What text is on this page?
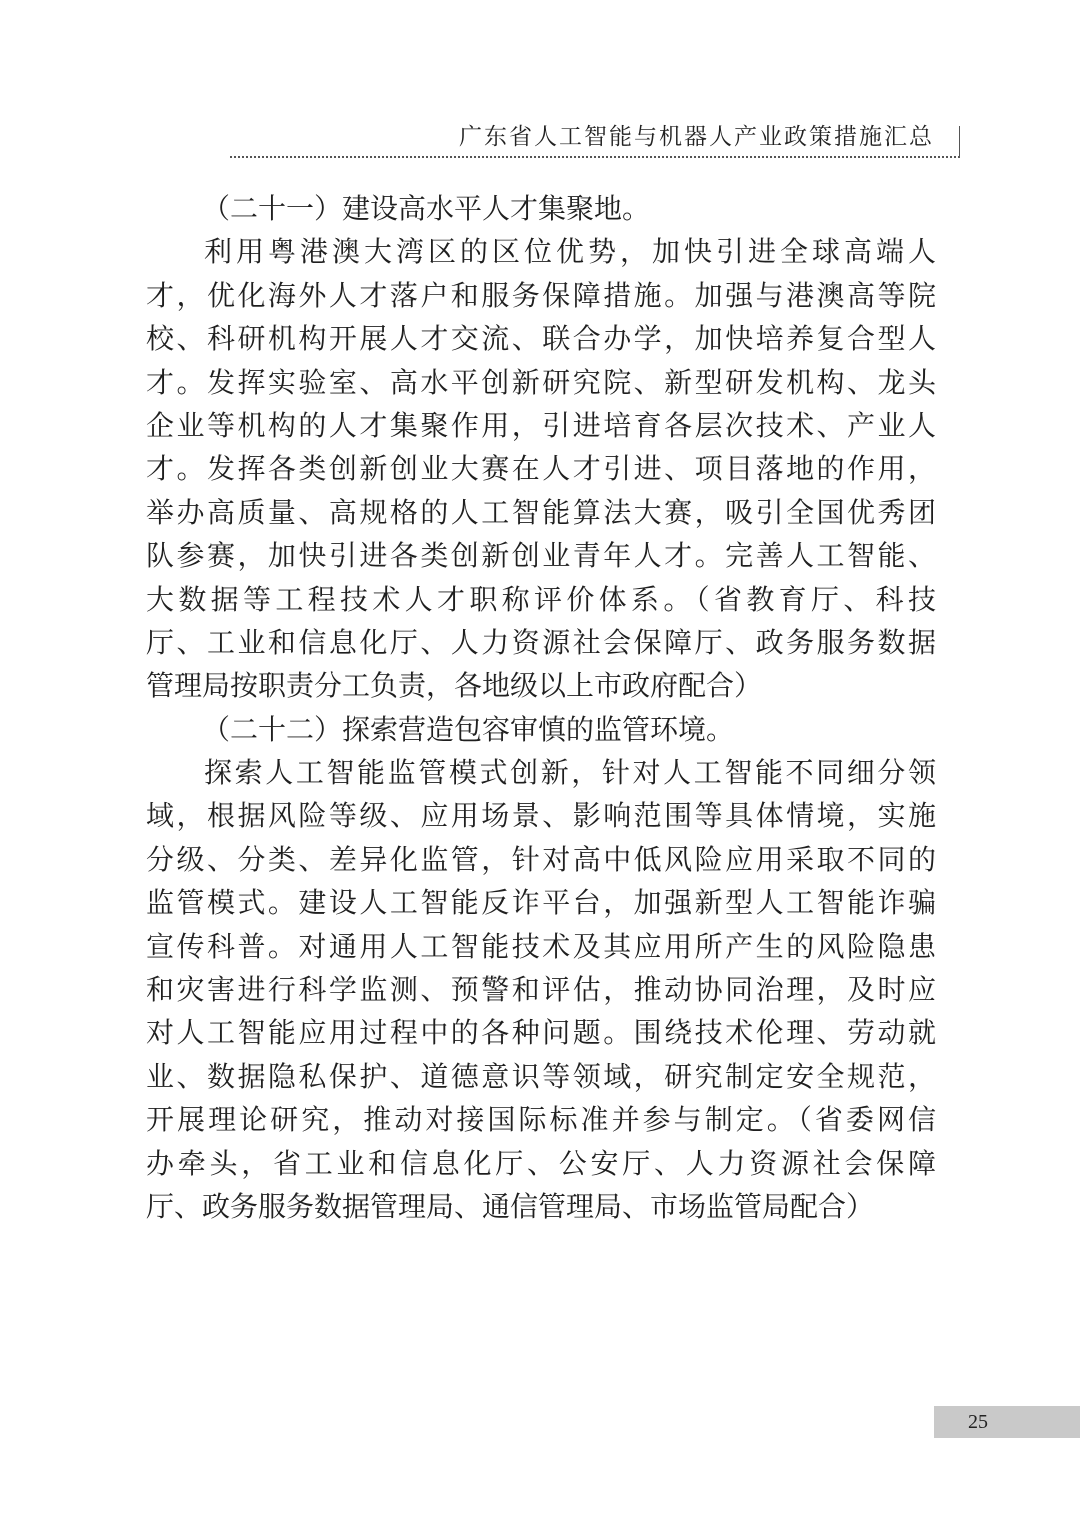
广东省人工智能与机器人产业政策措施汇总
（二十一）建设高水平人才集聚地。
利用粤港澳大湾区的区位优势，加快引进全球高端人
才，优化海外人才落户和服务保障措施。加强与港澳高等院
校、科研机构开展人才交流、联合办学，加快培养复合型人
才。发挥实验室、高水平创新研究院、新型研发机构、龙头
企业等机构的人才集聚作用，引进培育各层次技术、产业人
才。发挥各类创新创业大赛在人才引进、项目落地的作用，
举办高质量、高规格的人工智能算法大赛，吸引全国优秀团
队参赛，加快引进各类创新创业青年人才。完善人工智能、
大数据等工程技术人才职称评价体系。（省教育厅、科技
厅、工业和信息化厅、人力资源社会保障厅、政务服务数据
管理局按职责分工负责，各地级以上市政府配合）
（二十二）探索营造包容审慎的监管环境。
探索人工智能监管模式创新，针对人工智能不同细分领
域，根据风险等级、应用场景、影响范围等具体情境，实施
分级、分类、差异化监管，针对高中低风险应用采取不同的
监管模式。建设人工智能反诈平台，加强新型人工智能诈骗
宣传科普。对通用人工智能技术及其应用所产生的风险隐患
和灾害进行科学监测、预警和评估，推动协同治理，及时应
对人工智能应用过程中的各种问题。围绕技术伦理、劳动就
业、数据隐私保护、道德意识等领域，研究制定安全规范，
开展理论研究，推动对接国际标准并参与制定。（省委网信
办牵头，省工业和信息化厅、公安厅、人力资源社会保障
厅、政务服务数据管理局、通信管理局、市场监管局配合）
25
